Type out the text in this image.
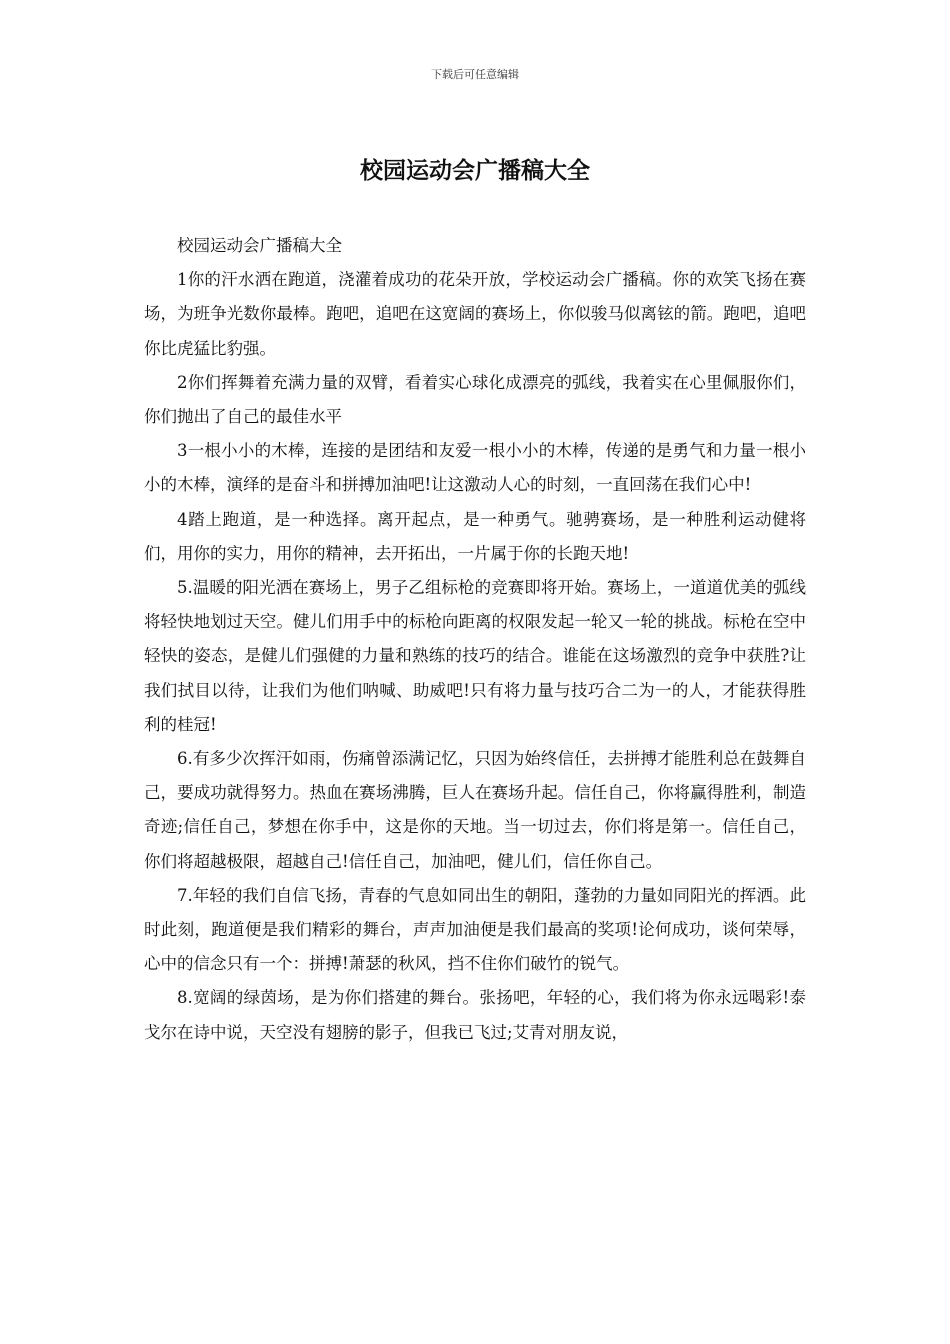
下载后可任意编辑
校园运动会广播稿大全

校园运动会广播稿大全

1你的汗水洒在跑道，浇灌着成功的花朵开放，学校运动会广播稿。你的欢笑飞扬在赛场，为班争光数你最棒。跑吧，追吧在这宽阔的赛场上，你似骏马似离铉的箭。跑吧，追吧你比虎猛比豹强。

2你们挥舞着充满力量的双臂，看着实心球化成漂亮的弧线，我着实在心里佩服你们，你们抛出了自己的最佳水平

3一根小小的木棒，连接的是团结和友爱一根小小的木棒，传递的是勇气和力量一根小小的木棒，演绎的是奋斗和拼搏加油吧!让这激动人心的时刻，一直回荡在我们心中!

4踏上跑道，是一种选择。离开起点，是一种勇气。驰骋赛场，是一种胜利运动健将们，用你的实力，用你的精神，去开拓出，一片属于你的长跑天地!

5.温暖的阳光洒在赛场上，男子乙组标枪的竞赛即将开始。赛场上，一道道优美的弧线将轻快地划过天空。健儿们用手中的标枪向距离的权限发起一轮又一轮的挑战。标枪在空中轻快的姿态，是健儿们强健的力量和熟练的技巧的结合。谁能在这场激烈的竞争中获胜?让我们拭目以待，让我们为他们呐喊、助威吧!只有将力量与技巧合二为一的人，才能获得胜利的桂冠!

6.有多少次挥汗如雨，伤痛曾添满记忆，只因为始终信任，去拼搏才能胜利总在鼓舞自己，要成功就得努力。热血在赛场沸腾，巨人在赛场升起。信任自己，你将赢得胜利，制造奇迹;信任自己，梦想在你手中，这是你的天地。当一切过去，你们将是第一。信任自己，你们将超越极限，超越自己!信任自己，加油吧，健儿们，信任你自己。

7.年轻的我们自信飞扬，青春的气息如同出生的朝阳，蓬勃的力量如同阳光的挥洒。此时此刻，跑道便是我们精彩的舞台，声声加油便是我们最高的奖项!论何成功，谈何荣辱，心中的信念只有一个：拼搏!萧瑟的秋风，挡不住你们破竹的锐气。

8.宽阔的绿茵场，是为你们搭建的舞台。张扬吧，年轻的心，我们将为你永远喝彩!泰戈尔在诗中说，天空没有翅膀的影子，但我已飞过;艾青对朋友说，
